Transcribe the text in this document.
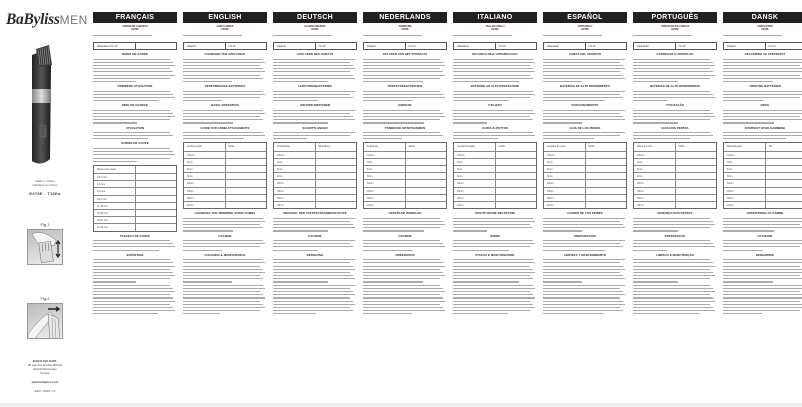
BaBylissMEN
Made in China
Fabriqué en Chine
E978E - T10Ea
Fig.1
Fig.2
BABYLISS SARL
99 avenue Aristide Briand
92120 Montrouge
France
www.babyliss.com
ESC / 2015 / xx
FRANÇAIS
TONDEUSE CHEVEUX
E978E
Adaptateur CA 10
MISES EN GARDE
PREMIÈRE UTILISATION
MISE EN CHARGE
UTILISATION
GUIDES DE COUPE
Hauteur de coupe
0,5-3 mm
3-6 mm
6-9 mm
9-12 mm
12-15 mm
15-18 mm
18-21 mm
21-25 mm
TABLEAU DE COUPE
ENTRETIEN
ENGLISH
HAIR CLIPPER
E978E
Adapter	CA 10
CHARGING THE APPLIANCE
PERFORMANCE BATTERIES
BASIC OPERATION
GUIDE FOR COMB ATTACHMENTS
Cutting length	Mode
0.5mm
3mm
6mm
9mm
12mm
15mm
18mm
21mm
CHANGING THE TRIMMING GUIDE COMBS
HYGIENE
CLEANING & MAINTENANCE
DEUTSCH
HAARSCHNEIDER
E978E
Adapter	CA 10
AUFLADEN DES GERÄTS
LEISTUNGSBATTERIEN
GRUNDFUNKTIONEN
SCHNITTLÄNGEN
Schnittlänge	Einstellung
0.5mm
3mm
6mm
9mm
12mm
15mm
18mm
21mm
WECHSEL DER AUFSTECKKAMMAUFSÄTZE
HYGIENE
REINIGUNG
NEDERLANDS
TONDEUSE
E978E
Adapter	CA 10
OPLADEN VAN HET APPARAAT
PRESTATIEBATTERIJEN
GEBRUIK
TONDEUSE OPZETKAMMEN
Kniplengte	Stand
0.5mm
3mm
6mm
9mm
12mm
15mm
18mm
21mm
OPZETKAM WISSELEN
HYGIËNE
ONDERHOUD
ITALIANO
TAGLIACAPELLI
E978E
Adattatore	CA 10
RICARICA DELL'APPARECCHIO
BATTERIE AD ALTE PRESTAZIONI
UTILIZZO
GUIDA AI PETTINI
Lunghezza taglio	Livello
0.5mm
3mm
6mm
9mm
12mm
15mm
18mm
21mm
SOSTITUZIONE DEI PETTINI
IGIENE
PULIZIA E MANUTENZIONE
ESPAÑOL
CORTAPELO
E978E
Adaptador	CA 10
CARGA DEL APARATO
BATERÍAS DE ALTO RENDIMIENTO
FUNCIONAMIENTO
GUÍA DE LOS PEINES
Longitud de corte	Modo
0.5mm
3mm
6mm
9mm
12mm
15mm
18mm
21mm
CAMBIO DE LOS PEINES
PREPARACIÓN
LIMPIEZA Y MANTENIMIENTO
PORTUGUÊS
CORTADOR DE CABELO
E978E
Adaptador	CA 10
CARREGAR O APARELHO
BATERIAS DE ALTO DESEMPENHO
UTILIZAÇÃO
GUIA DOS PENTES
Altura de corte	Modo
0.5mm
3mm
6mm
9mm
12mm
15mm
18mm
21mm
MUDANÇA DOS PENTES
PREPARAÇÃO
LIMPEZA E MANUTENÇÃO
DANSK
HÅRKLIPPER
E978E
Adapter	CA 10
OPLADNING AF APPARATET
YDEEVNE BATTERIER
BRUG
OVERSIGT OVER KAMMENE
Klippelængde	Trin
0.5mm
3mm
6mm
9mm
12mm
15mm
18mm
21mm
UDSKIFTNING AF KAMME
HYGIEJNE
RENGØRING
